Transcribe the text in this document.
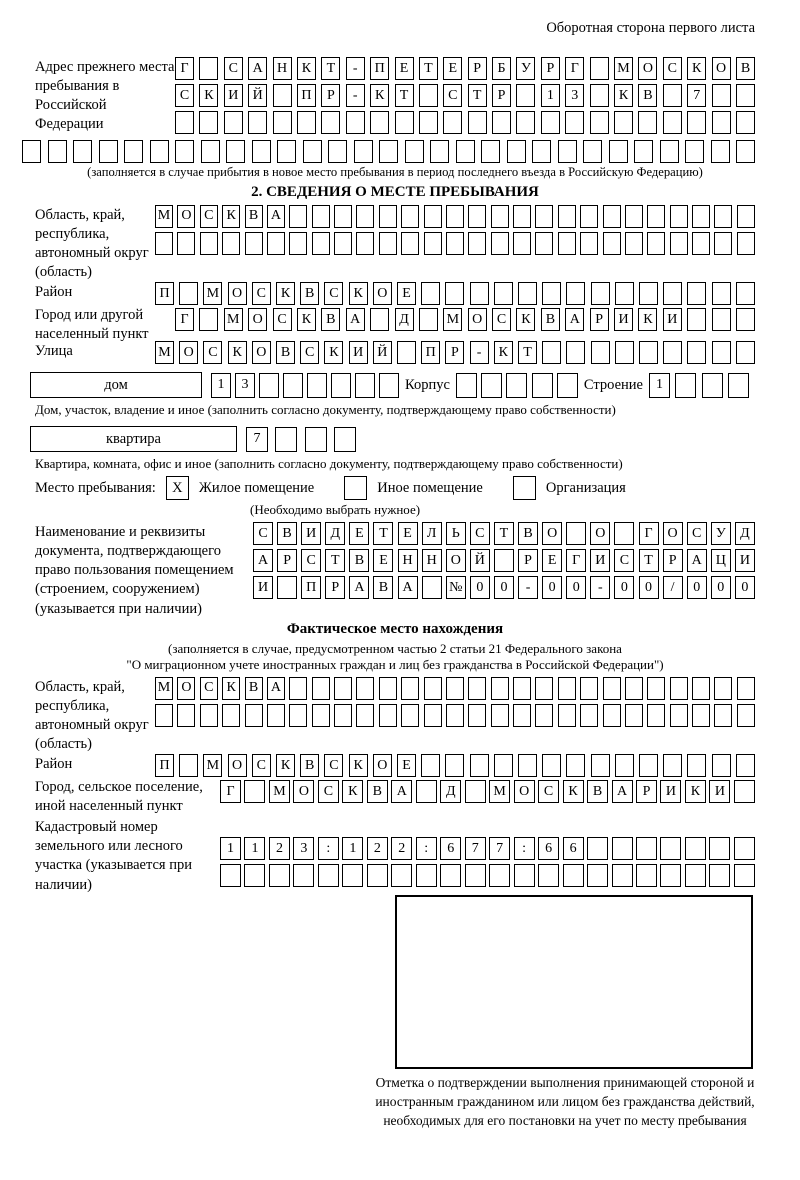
Оборотная сторона первого листа
Адрес прежнего места пребывания в Российской Федерации
Г	С	А	Н	К	Т	-	П	Е	Т	Е	Р	Б	У	Р	Г	М О	С	К	О	В
С	К	И	Й	П	Р	-	К	Т	С	Т	Р	1	3	К	В	7
(заполняется в случае прибытия в новое место пребывания в период последнего въезда в Российскую Федерацию)
2. СВЕДЕНИЯ О МЕСТЕ ПРЕБЫВАНИЯ
Область, край, республика, автономный округ (область)
М О С К В А
Район	П	М О	С	К	В	С	К	О	Е
Город или другой населенный пункт
Г	М О	С	К	В	А	Д	М О	С	К	В	А	Р	И	К	И
Улица	М О	С	К	О	В	С	К	И	Й	П	Р	-	К	Т
дом	1	3	Корпус	Строение 1
Дом, участок, владение и иное (заполнить согласно документу, подтверждающему право собственности)
квартира	7
Квартира, комната, офис и иное (заполнить согласно документу, подтверждающему право собственности)
Место пребывания:	X	Жилое помещение	Иное помещение	Организация
(Необходимо выбрать нужное)
Наименование и реквизиты документа, подтверждающего право пользования помещением (строением, сооружением) (указывается при наличии)
С	В	И	Д	Е	Т	Е	Л	Ь	С	Т	В	О	О	Г	О	С	У	Д
А	Р	С	Т	В	Е	Н Н О Й	Р	Е	Г	И	С	Т	Р	А Ц И
И	П	Р	А	В	А	№ 0	0	-	0	0	-	0	0	/	0	0	0
Фактическое место нахождения
(заполняется в случае, предусмотренном частью 2 статьи 21 Федерального закона
"О миграционном учете иностранных граждан и лиц без гражданства в Российской Федерации")
Область, край, республика, автономный округ (область)
М О С К В А
Район	П	М О	С	К	В	С	К	О	Е
Город, сельское поселение, иной населенный пункт
Г	М О	С	К	В	А	Д	М О	С	К	В	А	Р	И	К	И
Кадастровый номер земельного или лесного участка (указывается при наличии)
1	1	2	3	:	1	2	2	:	6	7	7	:	6	6
Отметка о подтверждении выполнения принимающей стороной и иностранным гражданином или лицом без гражданства действий, необходимых для его постановки на учет по месту пребывания
